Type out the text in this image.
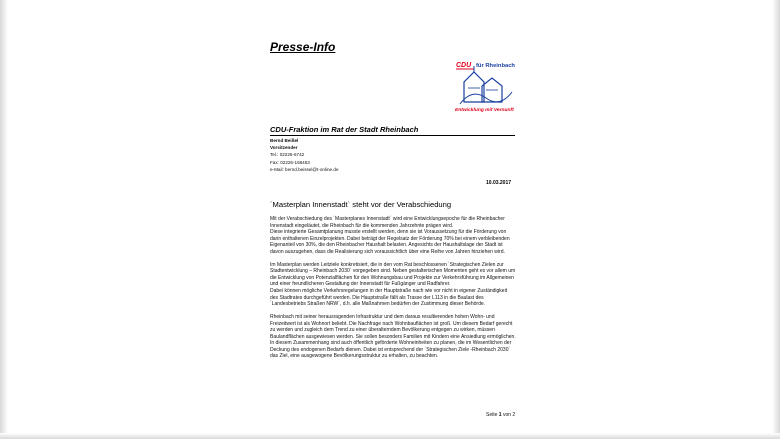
Presse-Info
CDU für Rheinbach
Entwicklung mit Vernunft
CDU-Fraktion im Rat der Stadt Rheinbach
Bernd Beißel
Vorsitzender
Tel.: 02226-5742
Fax: 02226-168453
e-Mail: bernd.beissel@t-online.de
10.03.2017
´Masterplan Innenstadt` steht vor der Verabschiedung

Mit der Verabschiedung des ´Masterplanes Innenstadt` wird eine Entwicklungsepoche für die Rheinbacher Innenstadt eingeläutet, die Rheinbach für die kommenden Jahrzehnte prägen wird.
Diese integrierte Gesamtplanung musste erstellt werden, denn sie ist Voraussetzung für die Förderung von darin enthaltenen Einzelprojekten. Dabei beträgt der Regelsatz der Förderung 70% bei einem verbleibenden Eigenanteil von 30%, die den Rheinbacher Haushalt belasten. Angesichts der Haushaltslage der Stadt ist davon auszugehen, dass die Realisierung sich voraussichtlich über eine Reihe von Jahren hinziehen wird.

Im Masterplan werden Leitziele konkretisiert, die in den vom Rat beschlossenen ´Strategischen Zielen zur Stadtentwicklung – Rheinbach 2030` vorgegeben sind. Neben gestalterischen Momenten geht es vor allem um die Entwicklung von Potenzialflächen für den Wohnungsbau und Projekte zur Verkehrsführung im Allgemeinen und einer freundlicheren Gestaltung der Innenstadt für Fußgänger und Radfahrer.
Dabei können mögliche Verkehrsregelungen in der Hauptstraße nach wie vor nicht in eigener Zuständigkeit des Stadtrates durchgeführt werden. Die Hauptstraße fällt als Trasse der L113 in die Baulast des ´Landesbetriebs Straßen NRW`, d.h. alle Maßnahmen bedürfen der Zustimmung dieser Behörde.

Rheinbach mit seiner herausragenden Infrastruktur und dem daraus resultierenden hohen Wohn- und Freizeitwert ist als Wohnort beliebt. Die Nachfrage nach Wohnbauflächen ist groß. Um diesem Bedarf gerecht zu werden und zugleich dem Trend zu einer überalterndem Bevölkerung entgegen zu wirken, müssen Baulandflächen ausgewiesen werden. Sie sollen besonders Familien mit Kindern eine Ansiedlung ermöglichen. In diesem Zusammenhang sind auch öffentlich geförderte Wohneinheiten zu planen, die im Wesentlichen der Deckung des endogenen Bedarfs dienen. Dabei ist entsprechend der ´Strategischen Ziele -Rheinbach 2030` das Ziel, eine ausgewogene Bevölkerungsstruktur zu erhalten, zu beachten.

Seite 1 von 2
